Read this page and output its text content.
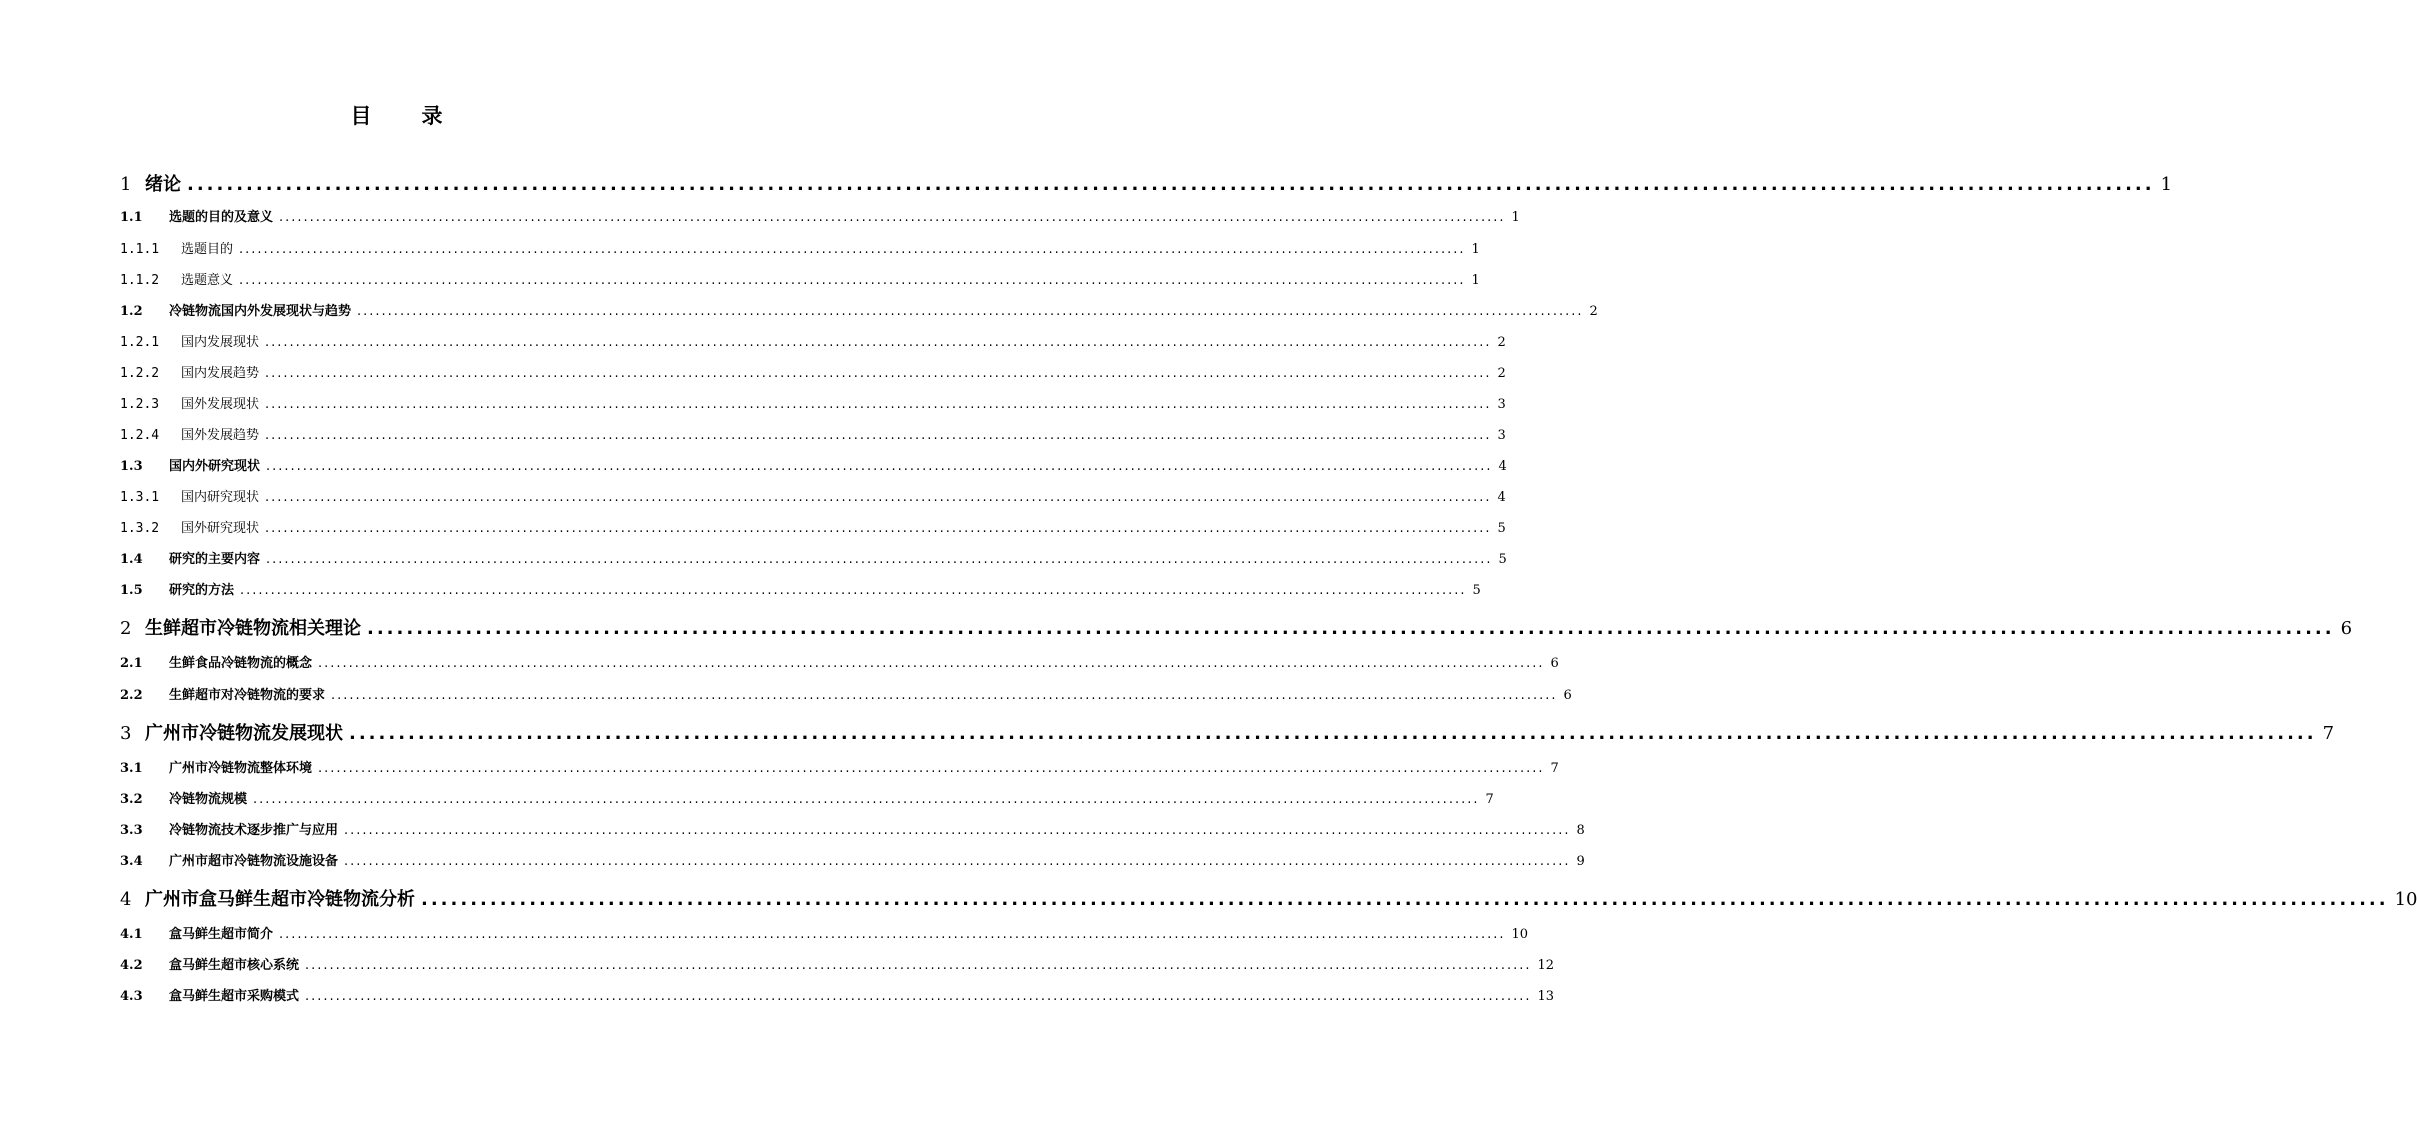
目 录
1 绪论 ........................................................................................................................................................................................................ 1
1.1	选题的目的及意义 ........................................................................................................................................................................................................ 1
1.1.1	选题目的 ........................................................................................................................................................................................................ 1
1.1.2	选题意义 ........................................................................................................................................................................................................ 1
1.2	冷链物流国内外发展现状与趋势 ........................................................................................................................................................................................................ 2
1.2.1	国内发展现状 ........................................................................................................................................................................................................ 2
1.2.2	国内发展趋势 ........................................................................................................................................................................................................ 2
1.2.3	国外发展现状 ........................................................................................................................................................................................................ 3
1.2.4	国外发展趋势 ........................................................................................................................................................................................................ 3
1.3	国内外研究现状 ........................................................................................................................................................................................................ 4
1.3.1	国内研究现状 ........................................................................................................................................................................................................ 4
1.3.2	国外研究现状 ........................................................................................................................................................................................................ 5
1.4	研究的主要内容 ........................................................................................................................................................................................................ 5
1.5	研究的方法 ........................................................................................................................................................................................................ 5
2 生鲜超市冷链物流相关理论 ........................................................................................................................................................................................................ 6
2.1	生鲜食品冷链物流的概念 ........................................................................................................................................................................................................ 6
2.2	生鲜超市对冷链物流的要求 ........................................................................................................................................................................................................ 6
3 广州市冷链物流发展现状 ........................................................................................................................................................................................................ 7
3.1	广州市冷链物流整体环境 ........................................................................................................................................................................................................ 7
3.2	冷链物流规模 ........................................................................................................................................................................................................ 7
3.3	冷链物流技术逐步推广与应用 ........................................................................................................................................................................................................ 8
3.4	广州市超市冷链物流设施设备 ........................................................................................................................................................................................................ 9
4 广州市盒马鲜生超市冷链物流分析 ........................................................................................................................................................................................................ 10
4.1	盒马鲜生超市简介 ........................................................................................................................................................................................................ 10
4.2	盒马鲜生超市核心系统 ........................................................................................................................................................................................................ 12
4.3	盒马鲜生超市采购模式 ........................................................................................................................................................................................................ 13
